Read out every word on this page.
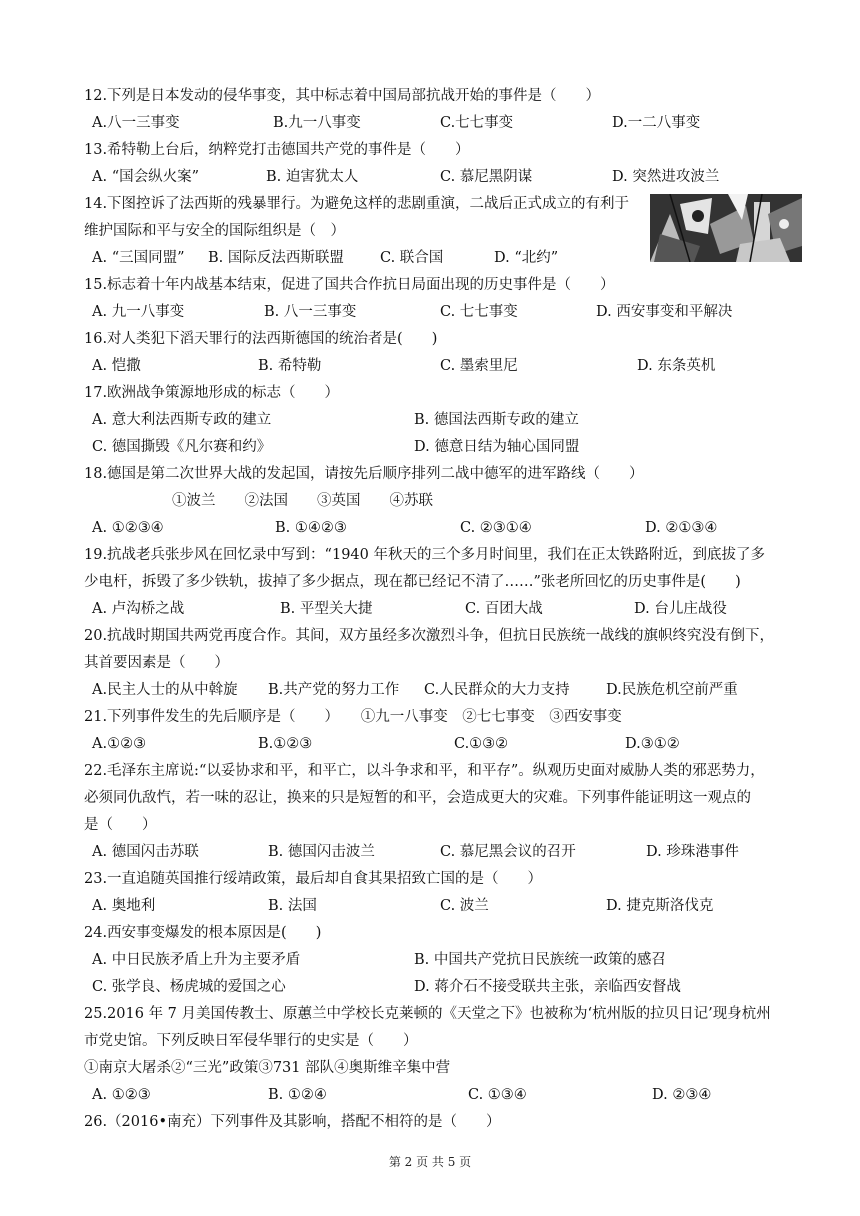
12.下列是日本发动的侵华事变，其中标志着中国局部抗战开始的事件是（　　）
A.八一三事变	B.九一八事变	C.七七事变	D.一二八事变
13.希特勒上台后，纳粹党打击德国共产党的事件是（　　）
A. “国会纵火案”	B. 迫害犹太人	C. 慕尼黑阴谋	D. 突然进攻波兰
14.下图控诉了法西斯的残暴罪行。为避免这样的悲剧重演，二战后正式成立的有利于
维护国际和平与安全的国际组织是（　）
A. “三国同盟” B. 国际反法西斯联盟 C. 联合国	D. “北约”
15.标志着十年内战基本结束，促进了国共合作抗日局面出现的历史事件是（　　）
A. 九一八事变	B. 八一三事变	C. 七七事变	D. 西安事变和平解决
16.对人类犯下滔天罪行的法西斯德国的统治者是(　　)
A. 恺撒	B. 希特勒	C. 墨索里尼	D. 东条英机
17.欧洲战争策源地形成的标志（　　）
A. 意大利法西斯专政的建立	B. 德国法西斯专政的建立
C. 德国撕毁《凡尔赛和约》	D. 德意日结为轴心国同盟
18.德国是第二次世界大战的发起国，请按先后顺序排列二战中德军的进军路线（　　）
①波兰　　②法国　　③英国　　④苏联
A. ①②③④	B. ①④②③	C. ②③①④	D. ②①③④
19.抗战老兵张步风在回忆录中写到：“1940 年秋天的三个多月时间里，我们在正太铁路附近，到底拔了多
少电杆，拆毁了多少铁轨，拔掉了多少据点，现在都已经记不清了……”张老所回忆的历史事件是(　　)
A. 卢沟桥之战	B. 平型关大捷	C. 百团大战	D. 台儿庄战役
20.抗战时期国共两党再度合作。其间，双方虽经多次激烈斗争，但抗日民族统一战线的旗帜终究没有倒下，
其首要因素是（　　）
A.民主人士的从中斡旋 B.共产党的努力工作 C.人民群众的大力支持	D.民族危机空前严重
21.下列事件发生的先后顺序是（　　）　　①九一八事变　②七七事变　③西安事变
A.①②③	B.①②③	C.①③②	D.③①②
22.毛泽东主席说:“以妥协求和平，和平亡，以斗争求和平，和平存”。纵观历史面对威胁人类的邪恶势力，
必须同仇敌忾，若一味的忍让，换来的只是短暂的和平，会造成更大的灾难。下列事件能证明这一观点的
是（　　）
A. 德国闪击苏联	B. 德国闪击波兰	C. 慕尼黑会议的召开	D. 珍珠港事件
23.一直追随英国推行绥靖政策，最后却自食其果招致亡国的是（　　）
A. 奥地利	B. 法国	C. 波兰	D. 捷克斯洛伐克
24.西安事变爆发的根本原因是(　　)
A. 中日民族矛盾上升为主要矛盾	B. 中国共产党抗日民族统一政策的感召
C. 张学良、杨虎城的爱国之心	D. 蒋介石不接受联共主张，亲临西安督战
25.2016 年 7 月美国传教士、原蕙兰中学校长克莱顿的《天堂之下》也被称为‘杭州版的拉贝日记’现身杭州
市党史馆。下列反映日军侵华罪行的史实是（　　）
①南京大屠杀②“三光”政策③731 部队④奥斯维辛集中营
A. ①②③	B. ①②④	C. ①③④	D. ②③④
26.（2016•南充）下列事件及其影响，搭配不相符的是（　　）
第 2 页 共 5 页
